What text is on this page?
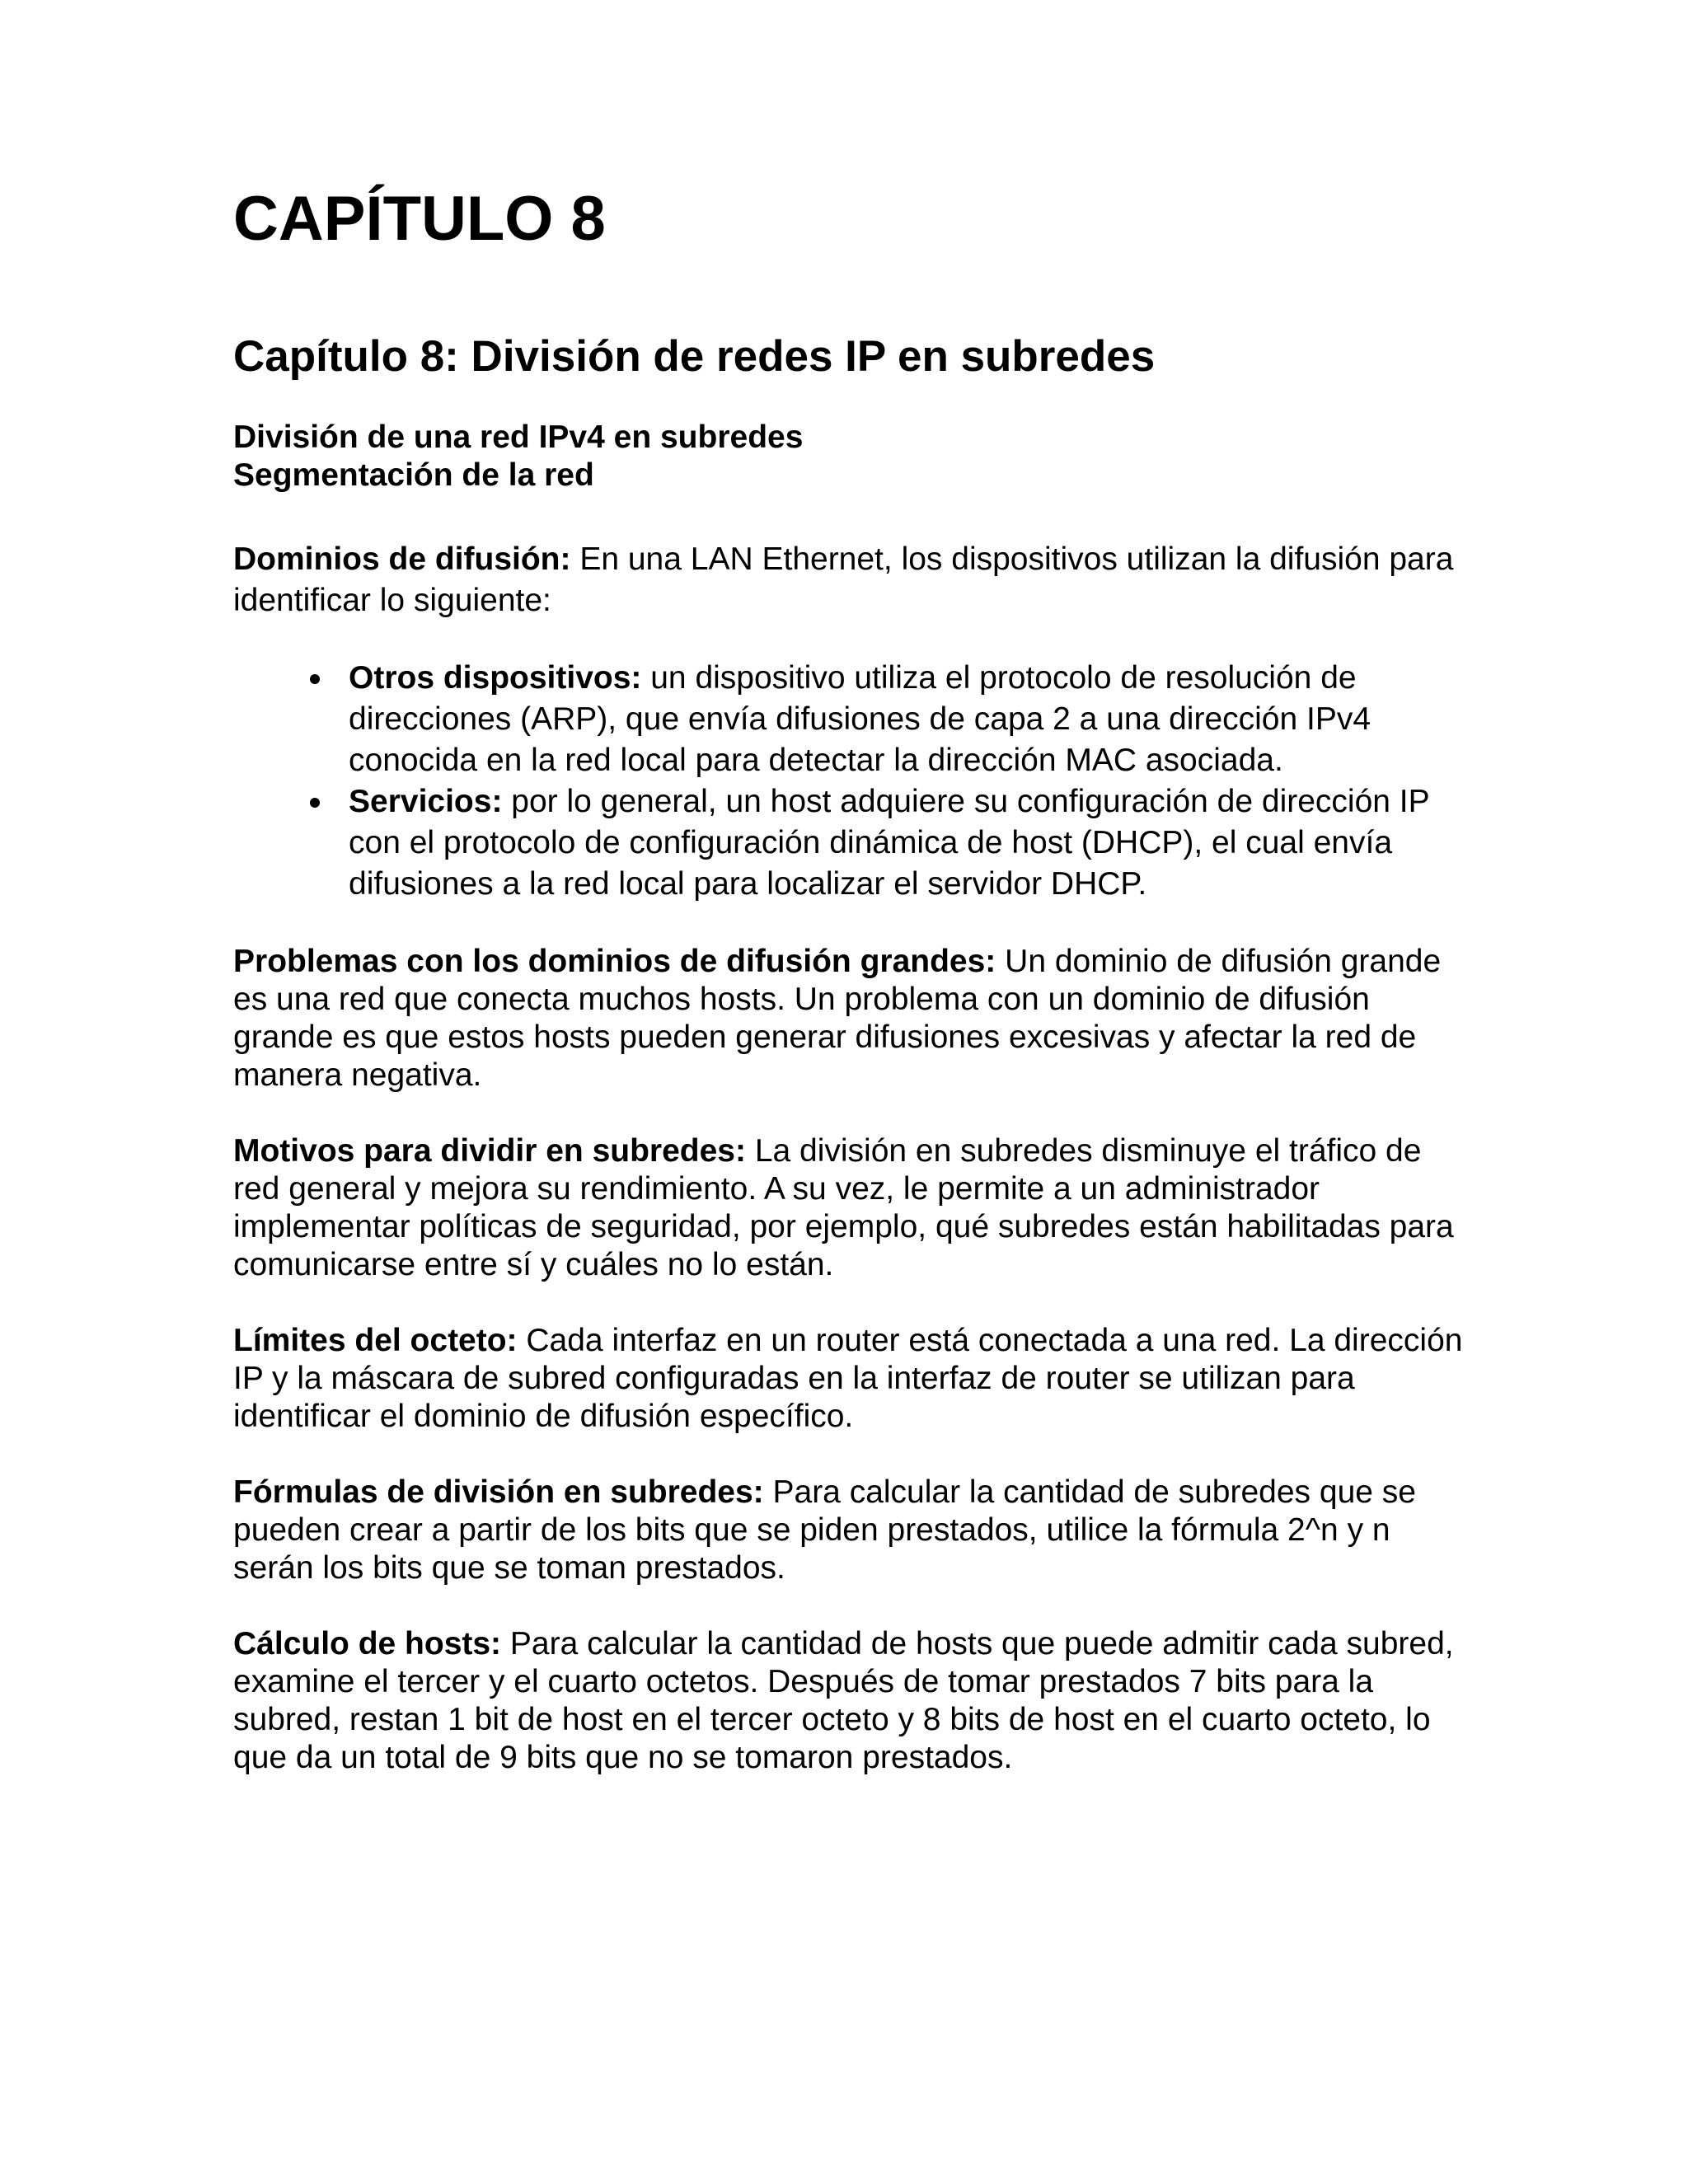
CAPÍTULO 8
Capítulo 8: División de redes IP en subredes
División de una red IPv4 en subredes
Segmentación de la red

Dominios de difusión: En una LAN Ethernet, los dispositivos utilizan la difusión para identificar lo siguiente:

Otros dispositivos: un dispositivo utiliza el protocolo de resolución de direcciones (ARP), que envía difusiones de capa 2 a una dirección IPv4 conocida en la red local para detectar la dirección MAC asociada.
Servicios: por lo general, un host adquiere su configuración de dirección IP con el protocolo de configuración dinámica de host (DHCP), el cual envía difusiones a la red local para localizar el servidor DHCP.

Problemas con los dominios de difusión grandes: Un dominio de difusión grande es una red que conecta muchos hosts. Un problema con un dominio de difusión grande es que estos hosts pueden generar difusiones excesivas y afectar la red de manera negativa.

Motivos para dividir en subredes: La división en subredes disminuye el tráfico de red general y mejora su rendimiento. A su vez, le permite a un administrador implementar políticas de seguridad, por ejemplo, qué subredes están habilitadas para comunicarse entre sí y cuáles no lo están.

Límites del octeto: Cada interfaz en un router está conectada a una red. La dirección IP y la máscara de subred configuradas en la interfaz de router se utilizan para identificar el dominio de difusión específico.

Fórmulas de división en subredes: Para calcular la cantidad de subredes que se pueden crear a partir de los bits que se piden prestados, utilice la fórmula 2^n y n serán los bits que se toman prestados.

Cálculo de hosts: Para calcular la cantidad de hosts que puede admitir cada subred, examine el tercer y el cuarto octetos. Después de tomar prestados 7 bits para la subred, restan 1 bit de host en el tercer octeto y 8 bits de host en el cuarto octeto, lo que da un total de 9 bits que no se tomaron prestados.
